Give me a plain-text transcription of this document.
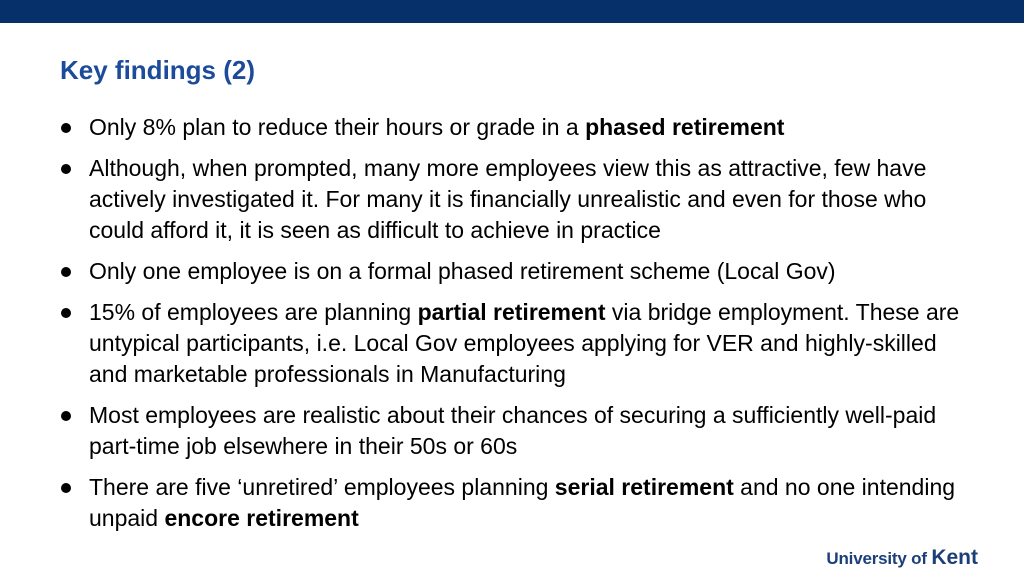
Key findings (2)
Only 8% plan to reduce their hours or grade in a phased retirement
Although, when prompted, many more employees view this as attractive, few have actively investigated it. For many it is financially unrealistic and even for those who could afford it, it is seen as difficult to achieve in practice
Only one employee is on a formal phased retirement scheme (Local Gov)
15% of employees are planning partial retirement via bridge employment. These are untypical participants, i.e. Local Gov employees applying for VER and highly-skilled and marketable professionals in Manufacturing
Most employees are realistic about their chances of securing a sufficiently well-paid part-time job elsewhere in their 50s or 60s
There are five ‘unretired’ employees planning serial retirement and no one intending unpaid encore retirement
University of Kent
